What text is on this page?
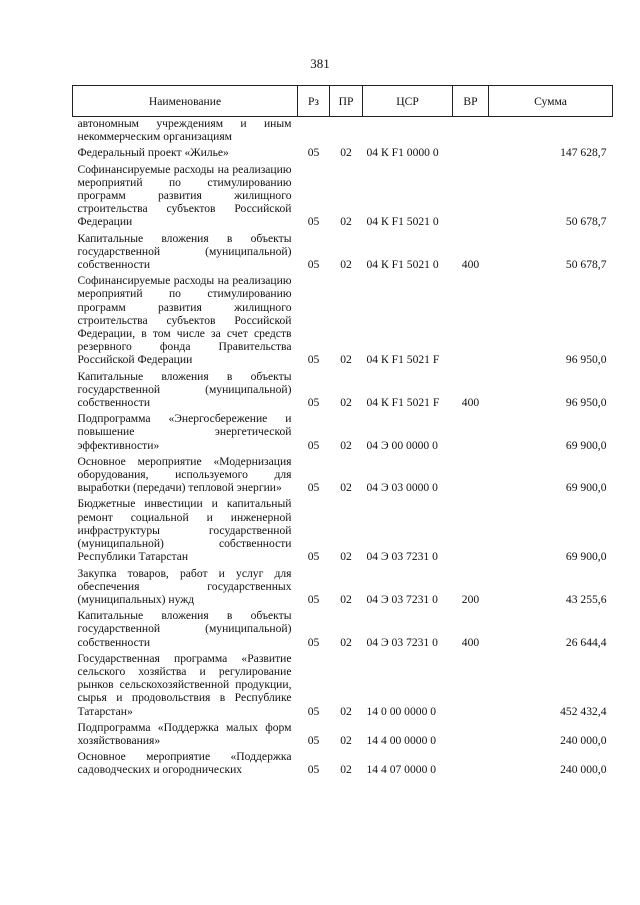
381
Наименование	Рз	ПР	ЦСР	ВР	Сумма
автономным учреждениям и иным некоммерческим организациям					
Федеральный проект «Жилье»	05	02	04 К F1 0000 0		147 628,7
Софинансируемые расходы на реализацию мероприятий по стимулированию программ развития жилищного строительства субъектов Российской Федерации	05	02	04 К F1 5021 0		50 678,7
Капитальные вложения в объекты государственной (муниципальной) собственности	05	02	04 К F1 5021 0	400	50 678,7
Софинансируемые расходы на реализацию мероприятий по стимулированию программ развития жилищного строительства субъектов Российской Федерации, в том числе за счет средств резервного фонда Правительства Российской Федерации	05	02	04 К F1 5021 F		96 950,0
Капитальные вложения в объекты государственной (муниципальной) собственности	05	02	04 К F1 5021 F	400	96 950,0
Подпрограмма «Энергосбережение и повышение энергетической эффективности»	05	02	04 Э 00 0000 0		69 900,0
Основное мероприятие «Модернизация оборудования, используемого для выработки (передачи) тепловой энергии»	05	02	04 Э 03 0000 0		69 900,0
Бюджетные инвестиции и капитальный ремонт социальной и инженерной инфраструктуры государственной (муниципальной) собственности Республики Татарстан	05	02	04 Э 03 7231 0		69 900,0
Закупка товаров, работ и услуг для обеспечения государственных (муниципальных) нужд	05	02	04 Э 03 7231 0	200	43 255,6
Капитальные вложения в объекты государственной (муниципальной) собственности	05	02	04 Э 03 7231 0	400	26 644,4
Государственная программа «Развитие сельского хозяйства и регулирование рынков сельскохозяйственной продукции, сырья и продовольствия в Республике Татарстан»	05	02	14 0 00 0000 0		452 432,4
Подпрограмма «Поддержка малых форм хозяйствования»	05	02	14 4 00 0000 0		240 000,0
Основное мероприятие «Поддержка садоводческих и огороднических	05	02	14 4 07 0000 0		240 000,0
